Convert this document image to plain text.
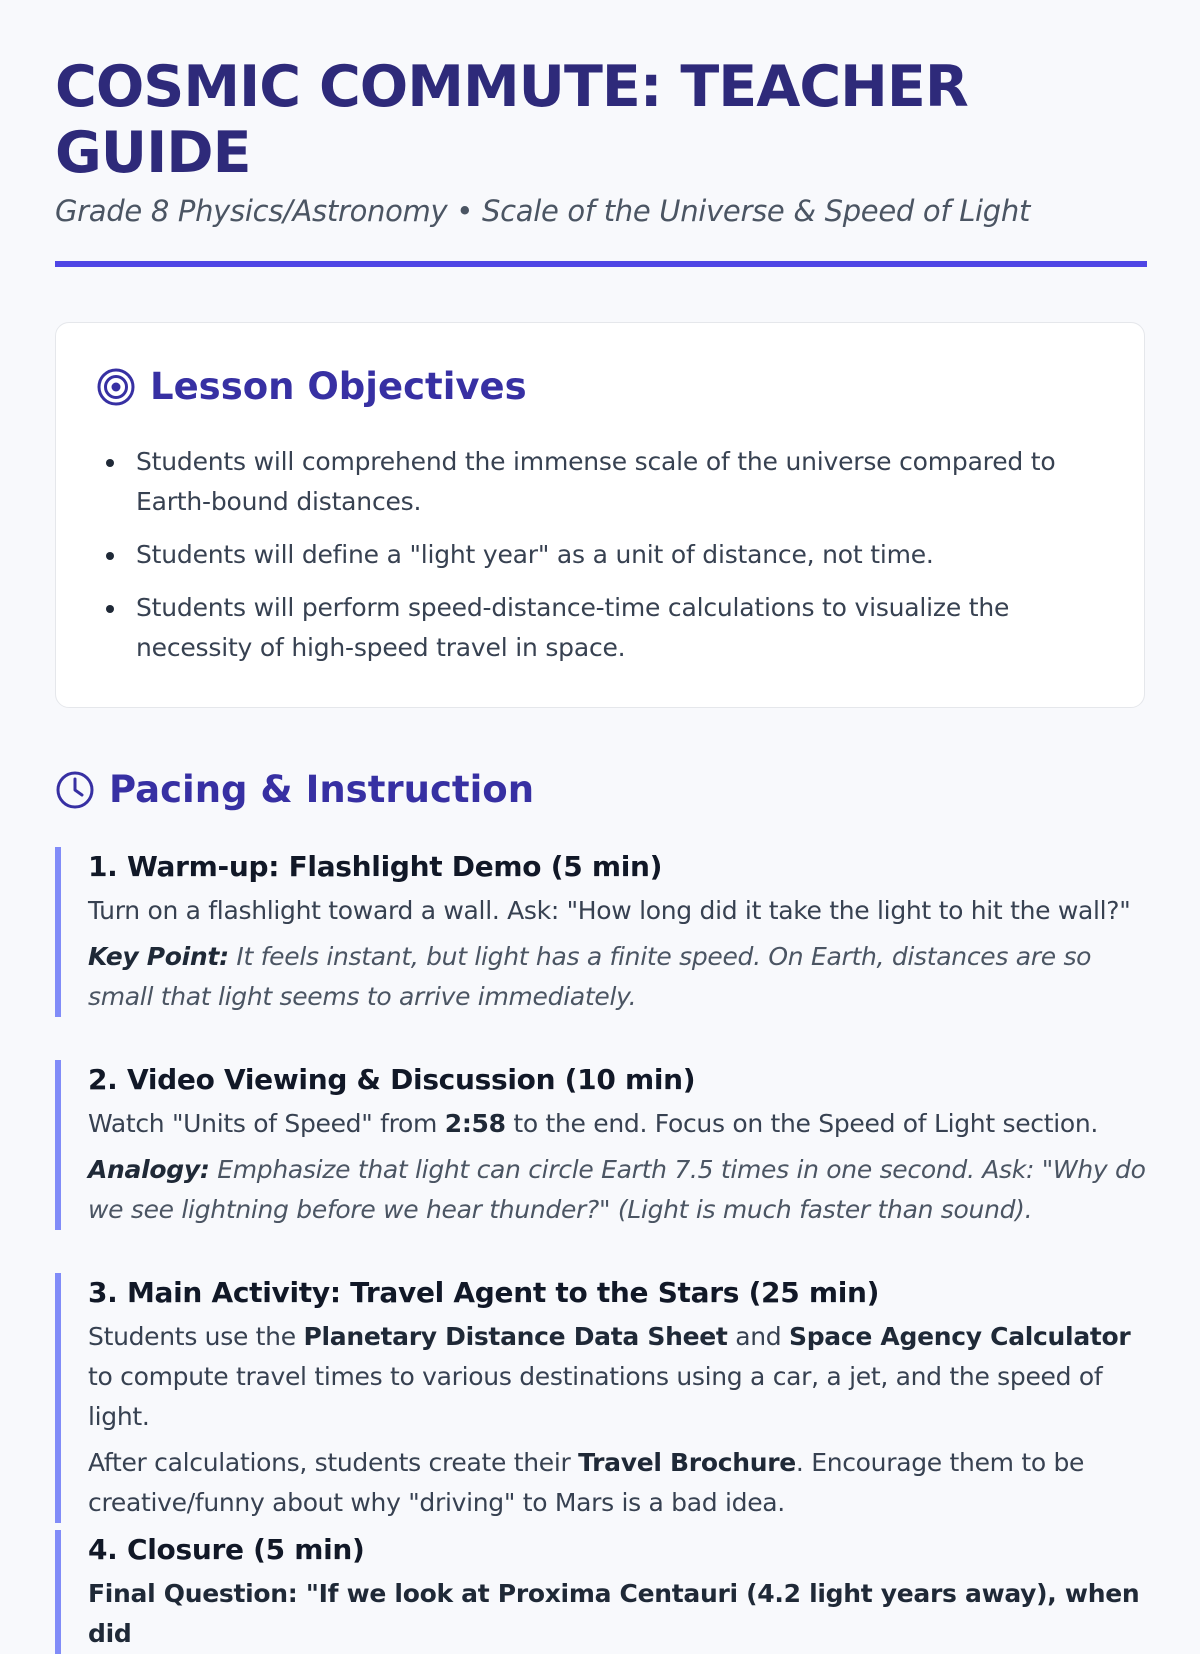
COSMIC COMMUTE: TEACHER GUIDE

Grade 8 Physics/Astronomy • Scale of the Universe & Speed of Light

Lesson Objectives
Students will comprehend the immense scale of the universe compared to Earth-bound distances.
Students will define a "light year" as a unit of distance, not time.
Students will perform speed-distance-time calculations to visualize the necessity of high-speed travel in space.
Pacing & Instruction
1. Warm-up: Flashlight Demo (5 min)

Turn on a flashlight toward a wall. Ask: "How long did it take the light to hit the wall?"

Key Point: It feels instant, but light has a finite speed. On Earth, distances are so small that light seems to arrive immediately.

2. Video Viewing & Discussion (10 min)

Watch "Units of Speed" from 2:58 to the end. Focus on the Speed of Light section.

Analogy: Emphasize that light can circle Earth 7.5 times in one second. Ask: "Why do we see lightning before we hear thunder?" (Light is much faster than sound).

3. Main Activity: Travel Agent to the Stars (25 min)

Students use the Planetary Distance Data Sheet and Space Agency Calculator to compute travel times to various destinations using a car, a jet, and the speed of light.

After calculations, students create their Travel Brochure. Encourage them to be creative/funny about why "driving" to Mars is a bad idea.

4. Closure (5 min)

Final Question: "If we look at Proxima Centauri (4.2 light years away), when did
